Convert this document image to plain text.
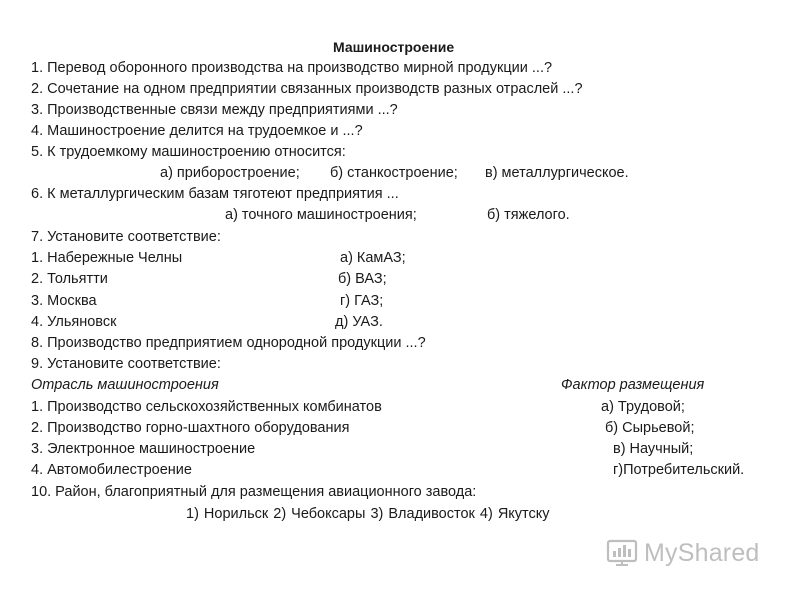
Машиностроение
1. Перевод оборонного производства на производство мирной продукции ...?
2. Сочетание на одном предприятии связанных производств разных отраслей ...?
3. Производственные связи между предприятиями ...?
4. Машиностроение делится на трудоемкое и ...?
5. К трудоемкому машиностроению относится:
а) приборостроение; б) станкостроение; в) металлургическое.
6. К металлургическим базам тяготеют предприятия ...
а) точного машиностроения;	б) тяжелого.
7. Установите соответствие:
1. Набережные Челны	а) КамАЗ;
2. Тольятти	б) ВАЗ;
3. Москва	г) ГАЗ;
4. Ульяновск	д) УАЗ.
8. Производство предприятием однородной продукции ...?
9. Установите соответствие:
Отрасль машиностроения	Фактор размещения
1. Производство сельскохозяйственных комбинатов	а) Трудовой;
2. Производство горно-шахтного оборудования	б) Сырьевой;
3. Электронное машиностроение	в) Научный;
4. Автомобилестроение	г)Потребительский.
10. Район, благоприятный для размещения авиационного завода:
1) Норильск 2) Чебоксары 3) Владивосток 4) Якутску
MyShared
